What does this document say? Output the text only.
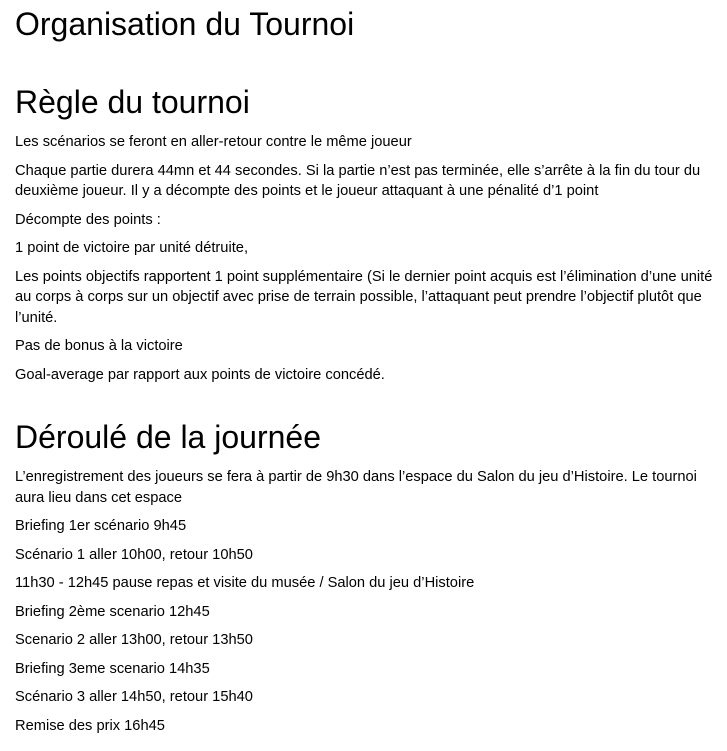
Organisation du Tournoi
Règle du tournoi

Les scénarios se feront en aller-retour contre le même joueur

Chaque partie durera 44mn et 44 secondes. Si la partie n’est pas terminée, elle s’arrête à la fin du tour du deuxième joueur. Il y a décompte des points et le joueur attaquant à une pénalité d’1 point

Décompte des points :

1 point de victoire par unité détruite,

Les points objectifs rapportent 1 point supplémentaire (Si le dernier point acquis est l’élimination d’une unité au corps à corps sur un objectif avec prise de terrain possible, l’attaquant peut prendre l’objectif plutôt que l’unité.

Pas de bonus à la victoire

Goal-average par rapport aux points de victoire concédé.

Déroulé de la journée

L’enregistrement des joueurs se fera à partir de 9h30 dans l’espace du Salon du jeu d’Histoire. Le tournoi aura lieu dans cet espace

Briefing 1er scénario 9h45

Scénario 1 aller 10h00, retour 10h50

11h30 - 12h45 pause repas et visite du musée / Salon du jeu d’Histoire

Briefing 2ème scenario 12h45

Scenario 2 aller 13h00, retour 13h50

Briefing 3eme scenario 14h35

Scénario 3 aller 14h50, retour 15h40

Remise des prix 16h45
